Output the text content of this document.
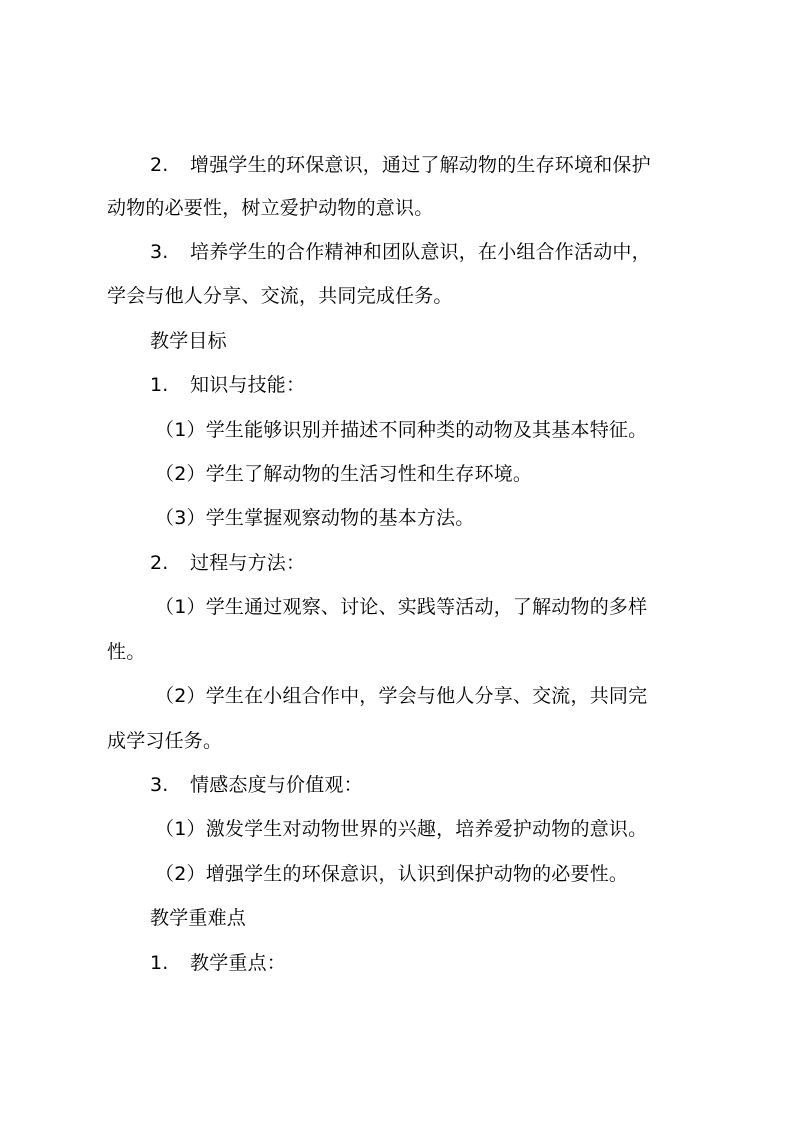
2. 增强学生的环保意识，通过了解动物的生存环境和保护
动物的必要性，树立爱护动物的意识。
3. 培养学生的合作精神和团队意识，在小组合作活动中，
学会与他人分享、交流，共同完成任务。
教学目标
1. 知识与技能：
（1）学生能够识别并描述不同种类的动物及其基本特征。
（2）学生了解动物的生活习性和生存环境。
（3）学生掌握观察动物的基本方法。
2. 过程与方法：
（1）学生通过观察、讨论、实践等活动，了解动物的多样
性。
（2）学生在小组合作中，学会与他人分享、交流，共同完
成学习任务。
3. 情感态度与价值观：
（1）激发学生对动物世界的兴趣，培养爱护动物的意识。
（2）增强学生的环保意识，认识到保护动物的必要性。
教学重难点
1. 教学重点：
